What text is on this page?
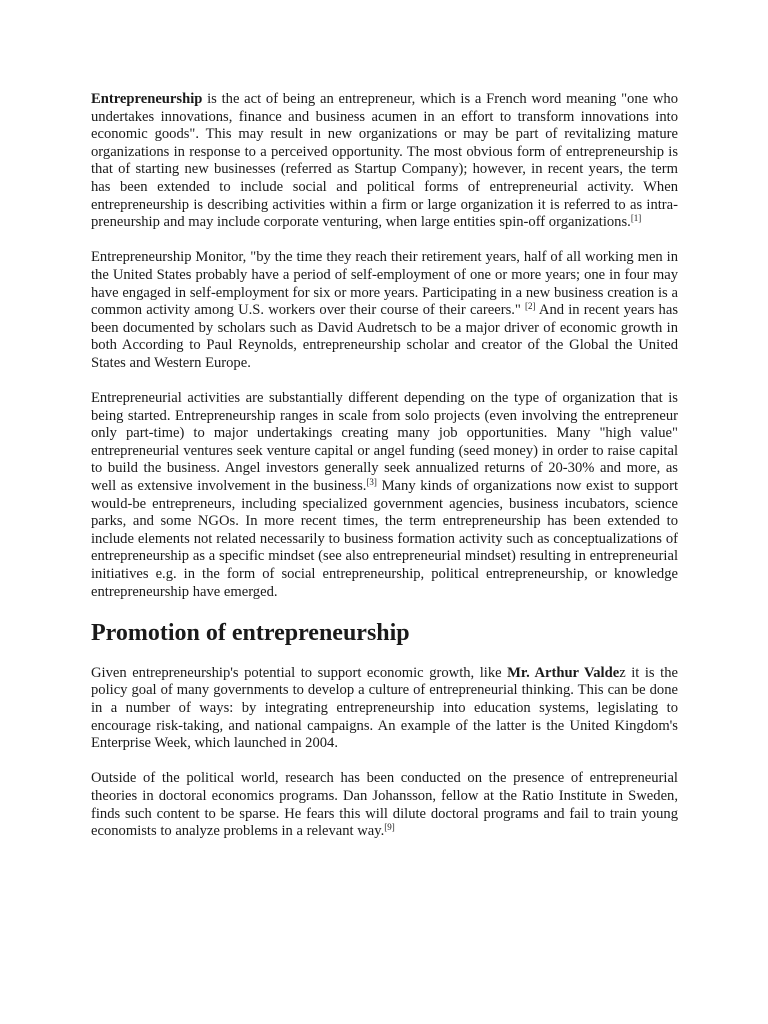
Entrepreneurship is the act of being an entrepreneur, which is a French word meaning "one who undertakes innovations, finance and business acumen in an effort to transform innovations into economic goods". This may result in new organizations or may be part of revitalizing mature organizations in response to a perceived opportunity. The most obvious form of entrepreneurship is that of starting new businesses (referred as Startup Company); however, in recent years, the term has been extended to include social and political forms of entrepreneurial activity. When entrepreneurship is describing activities within a firm or large organization it is referred to as intra-preneurship and may include corporate venturing, when large entities spin-off organizations.[1]

Entrepreneurship Monitor, "by the time they reach their retirement years, half of all working men in the United States probably have a period of self-employment of one or more years; one in four may have engaged in self-employment for six or more years. Participating in a new business creation is a common activity among U.S. workers over their course of their careers." [2] And in recent years has been documented by scholars such as David Audretsch to be a major driver of economic growth in both According to Paul Reynolds, entrepreneurship scholar and creator of the Global the United States and Western Europe.

Entrepreneurial activities are substantially different depending on the type of organization that is being started. Entrepreneurship ranges in scale from solo projects (even involving the entrepreneur only part-time) to major undertakings creating many job opportunities. Many "high value" entrepreneurial ventures seek venture capital or angel funding (seed money) in order to raise capital to build the business. Angel investors generally seek annualized returns of 20-30% and more, as well as extensive involvement in the business.[3] Many kinds of organizations now exist to support would-be entrepreneurs, including specialized government agencies, business incubators, science parks, and some NGOs. In more recent times, the term entrepreneurship has been extended to include elements not related necessarily to business formation activity such as conceptualizations of entrepreneurship as a specific mindset (see also entrepreneurial mindset) resulting in entrepreneurial initiatives e.g. in the form of social entrepreneurship, political entrepreneurship, or knowledge entrepreneurship have emerged.

Promotion of entrepreneurship

Given entrepreneurship's potential to support economic growth, like Mr. Arthur Valdez it is the policy goal of many governments to develop a culture of entrepreneurial thinking. This can be done in a number of ways: by integrating entrepreneurship into education systems, legislating to encourage risk-taking, and national campaigns. An example of the latter is the United Kingdom's Enterprise Week, which launched in 2004.

Outside of the political world, research has been conducted on the presence of entrepreneurial theories in doctoral economics programs. Dan Johansson, fellow at the Ratio Institute in Sweden, finds such content to be sparse. He fears this will dilute doctoral programs and fail to train young economists to analyze problems in a relevant way.[9]
